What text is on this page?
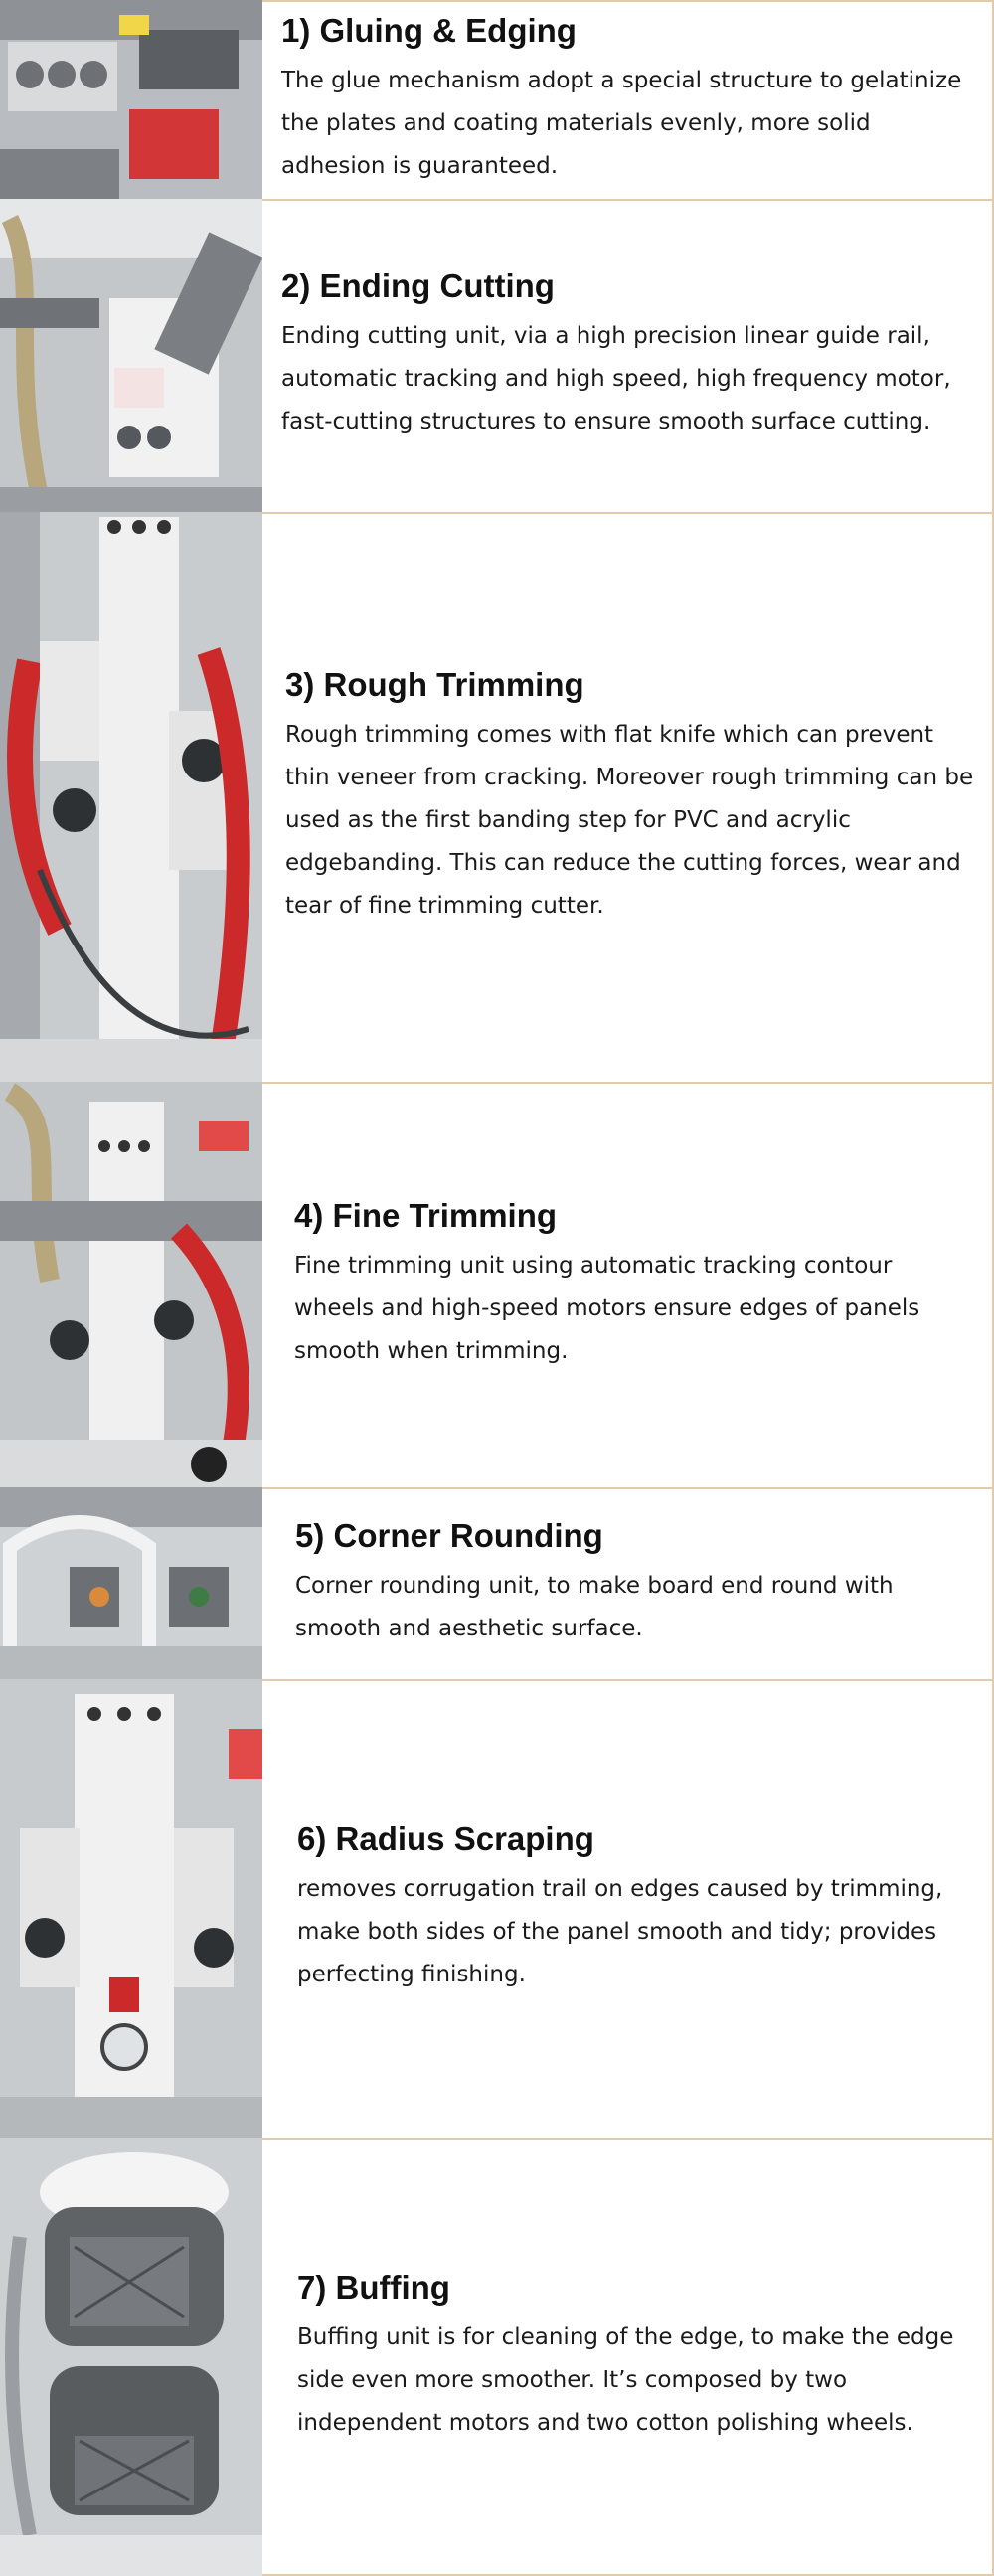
1) Gluing & Edging

The glue mechanism adopt a special structure to gelatinize the plates and coating materials evenly, more solid adhesion is guaranteed.

2) Ending Cutting

Ending cutting unit, via a high precision linear guide rail, automatic tracking and high speed, high frequency motor, fast-cutting structures to ensure smooth surface cutting.

3) Rough Trimming

Rough trimming comes with flat knife which can prevent thin veneer from cracking. Moreover rough trimming can be used as the first banding step for PVC and acrylic edgebanding. This can reduce the cutting forces, wear and tear of fine trimming cutter.

4) Fine Trimming

Fine trimming unit using automatic tracking contour wheels and high-speed motors ensure edges of panels smooth when trimming.

5) Corner Rounding

Corner rounding unit, to make board end round with smooth and aesthetic surface.

6) Radius Scraping

removes corrugation trail on edges caused by trimming, make both sides of the panel smooth and tidy; provides perfecting finishing.

7) Buffing

Buffing unit is for cleaning of the edge, to make the edge side even more smoother. It’s composed by two independent motors and two cotton polishing wheels.
